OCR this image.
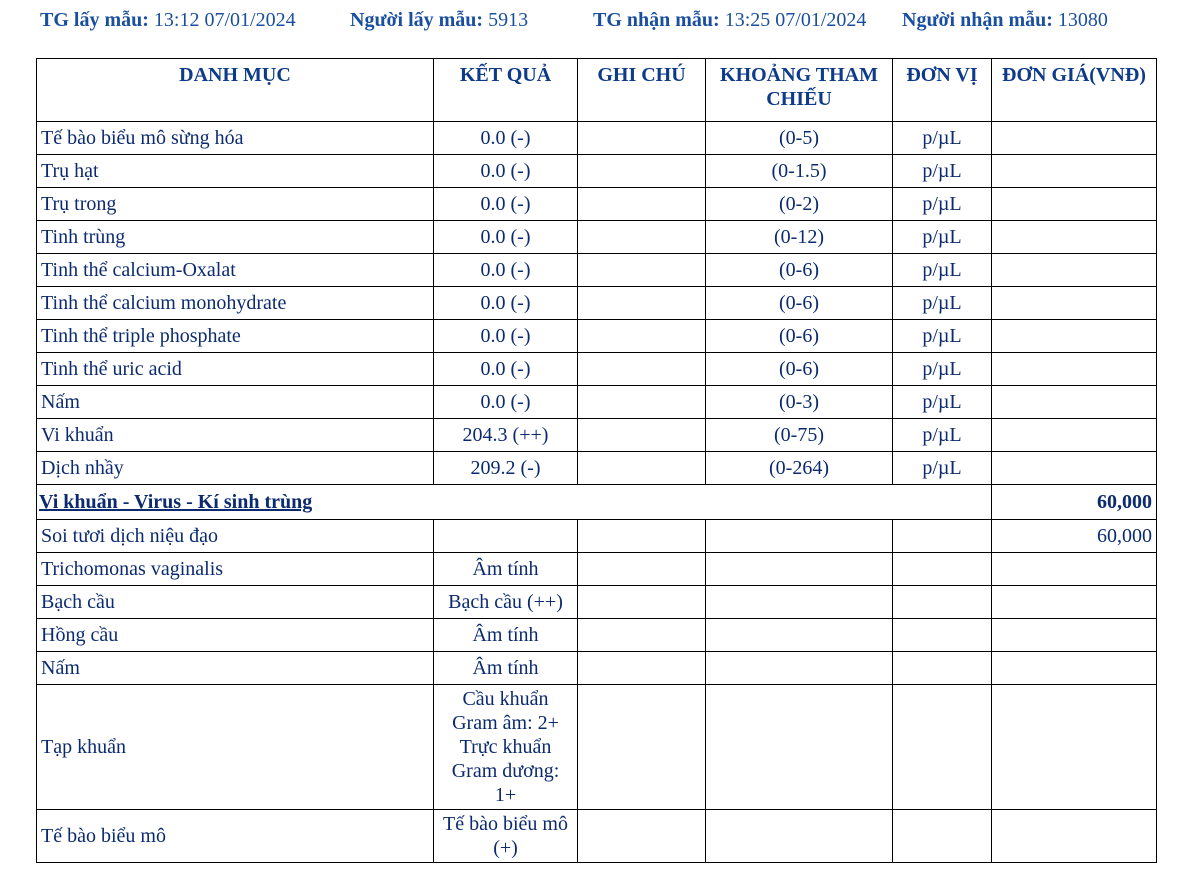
TG lấy mẫu: 13:12 07/01/2024	Người lấy mẫu: 5913	TG nhận mẫu: 13:25 07/01/2024 Người nhận mẫu: 13080
DANH MỤC	KẾT QUẢ	GHI CHÚ	KHOẢNG THAM CHIẾU	ĐƠN VỊ	ĐƠN GIÁ(VNĐ)
Tế bào biểu mô sừng hóa	0.0 (-)		(0-5)	p/µL	
Trụ hạt	0.0 (-)		(0-1.5)	p/µL	
Trụ trong	0.0 (-)		(0-2)	p/µL	
Tinh trùng	0.0 (-)		(0-12)	p/µL	
Tinh thể calcium-Oxalat	0.0 (-)		(0-6)	p/µL	
Tinh thể calcium monohydrate	0.0 (-)		(0-6)	p/µL	
Tinh thể triple phosphate	0.0 (-)		(0-6)	p/µL	
Tinh thể uric acid	0.0 (-)		(0-6)	p/µL	
Nấm	0.0 (-)		(0-3)	p/µL	
Vi khuẩn	204.3 (++)		(0-75)	p/µL	
Dịch nhầy	209.2 (-)		(0-264)	p/µL	
Vi khuẩn - Virus - Kí sinh trùng					60,000
Soi tươi dịch niệu đạo					60,000
Trichomonas vaginalis	Âm tính				
Bạch cầu	Bạch cầu (++)				
Hồng cầu	Âm tính				
Nấm	Âm tính				
Tạp khuẩn	Cầu khuẩn
Gram âm: 2+
Trực khuẩn
Gram dương:
1+				

Tế bào biểu mô	Tế bào biểu mô
(+)				
